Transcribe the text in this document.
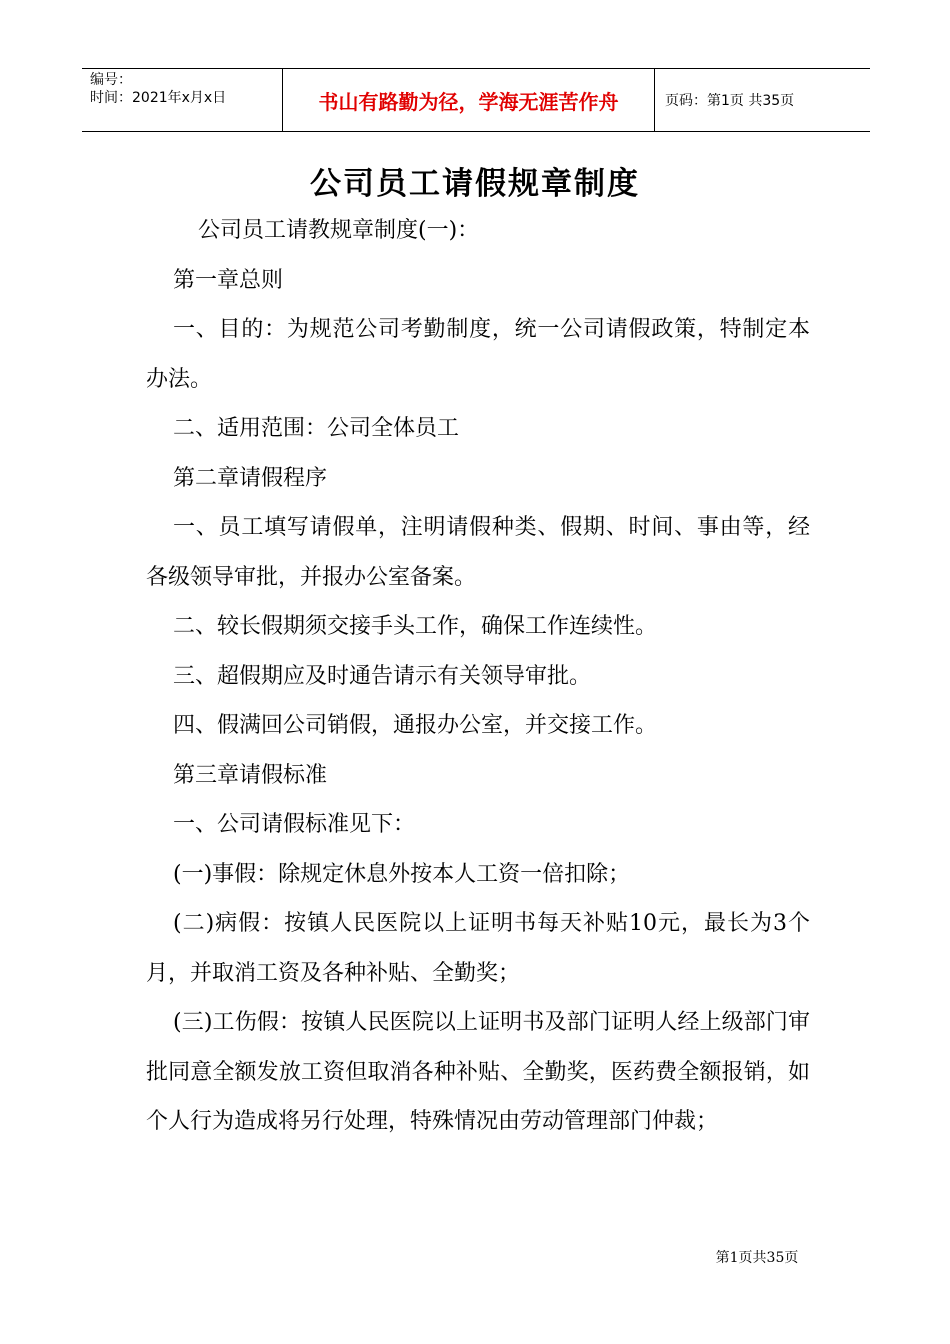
编号：
时间：2021年x月x日	书山有路勤为径，学海无涯苦作舟	页码：第1页 共35页
公司员工请假规章制度

公司员工请教规章制度(一)：

第一章总则

一、目的：为规范公司考勤制度，统一公司请假政策，特制定本办法。

二、适用范围：公司全体员工

第二章请假程序

一、员工填写请假单，注明请假种类、假期、时间、事由等，经各级领导审批，并报办公室备案。

二、较长假期须交接手头工作，确保工作连续性。

三、超假期应及时通告请示有关领导审批。

四、假满回公司销假，通报办公室，并交接工作。

第三章请假标准

一、公司请假标准见下：

(一)事假：除规定休息外按本人工资一倍扣除；

(二)病假：按镇人民医院以上证明书每天补贴10元，最长为3个月，并取消工资及各种补贴、全勤奖；

(三)工伤假：按镇人民医院以上证明书及部门证明人经上级部门审批同意全额发放工资但取消各种补贴、全勤奖，医药费全额报销，如个人行为造成将另行处理，特殊情况由劳动管理部门仲裁；

第1页共35页
